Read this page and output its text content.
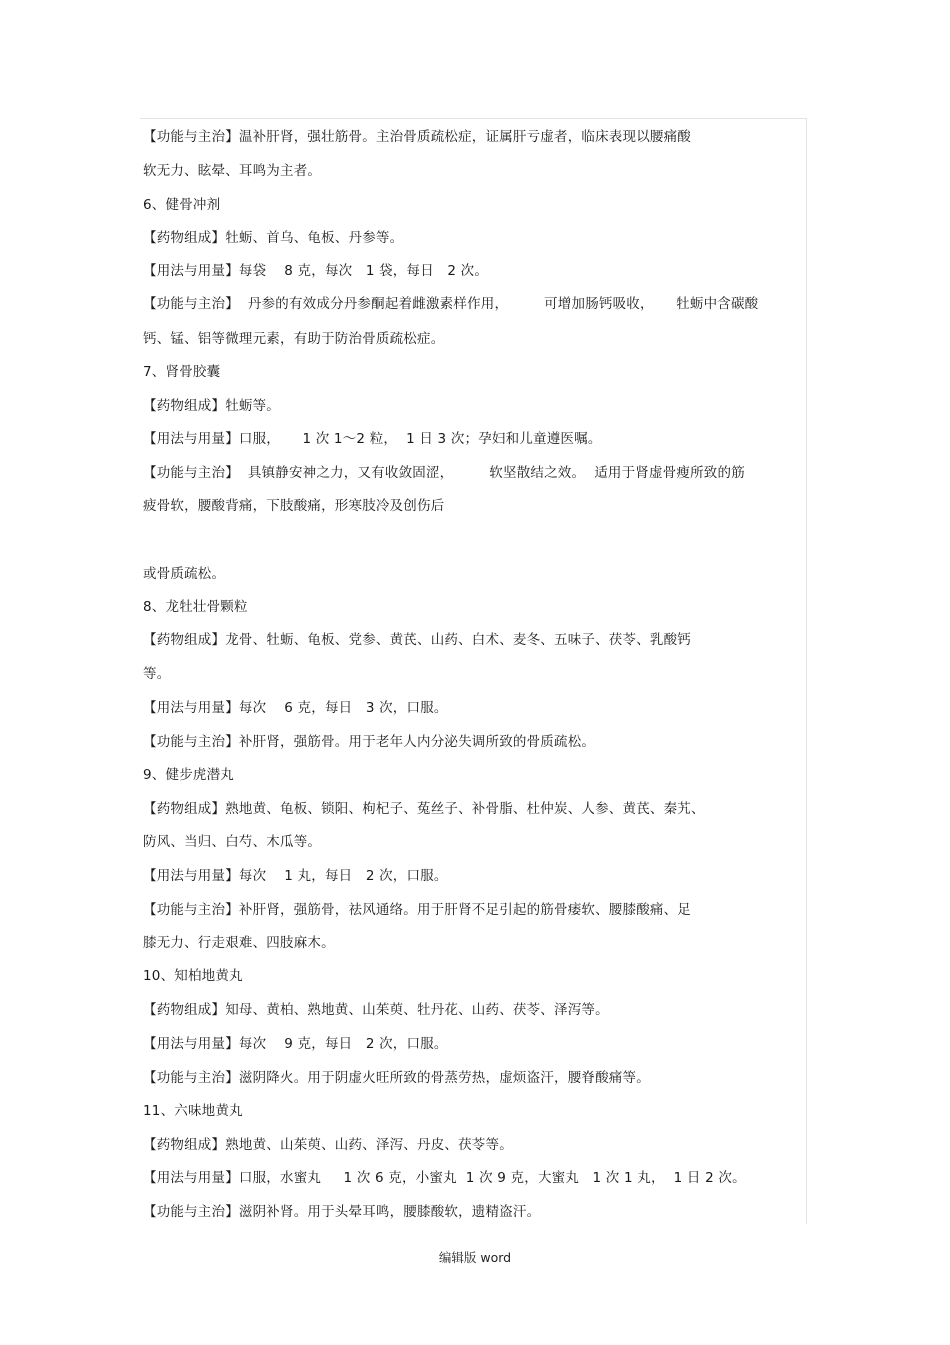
【功能与主治】温补肝肾，强壮筋骨。主治骨质疏松症，证属肝亏虚者，临床表现以腰痛酸
软无力、眩晕、耳鸣为主者。
6、健骨冲剂
【药物组成】牡蛎、首乌、龟板、丹参等。
【用法与用量】每袋    8 克，每次   1 袋，每日   2 次。
【功能与主治】  丹参的有效成分丹参酮起着雌激素样作用，        可增加肠钙吸收，     牡蛎中含碳酸
钙、锰、铝等微理元素，有助于防治骨质疏松症。
7、肾骨胶囊
【药物组成】牡蛎等。
【用法与用量】口服，     1 次 1～2 粒，  1 日 3 次；孕妇和儿童遵医嘱。
【功能与主治】  具镇静安神之力，又有收敛固涩，        软坚散结之效。  适用于肾虚骨瘦所致的筋
疲骨软，腰酸背痛，下肢酸痛，形寒肢冷及创伤后
或骨质疏松。
8、龙牡壮骨颗粒
【药物组成】龙骨、牡蛎、龟板、党参、黄芪、山药、白术、麦冬、五味子、茯苓、乳酸钙
等。
【用法与用量】每次    6 克，每日   3 次，口服。
【功能与主治】补肝肾，强筋骨。用于老年人内分泌失调所致的骨质疏松。
9、健步虎潜丸
【药物组成】熟地黄、龟板、锁阳、枸杞子、菟丝子、补骨脂、杜仲炭、人参、黄芪、秦艽、
防风、当归、白芍、木瓜等。
【用法与用量】每次    1 丸，每日   2 次，口服。
【功能与主治】补肝肾，强筋骨，祛风通络。用于肝肾不足引起的筋骨痿软、腰膝酸痛、足
膝无力、行走艰难、四肢麻木。
10、知柏地黄丸
【药物组成】知母、黄柏、熟地黄、山茱萸、牡丹花、山药、茯苓、泽泻等。
【用法与用量】每次    9 克，每日   2 次，口服。
【功能与主治】滋阴降火。用于阴虚火旺所致的骨蒸劳热，虚烦盗汗，腰脊酸痛等。
11、六味地黄丸
【药物组成】熟地黄、山茱萸、山药、泽泻、丹皮、茯苓等。
【用法与用量】口服，水蜜丸     1 次 6 克，小蜜丸  1 次 9 克，大蜜丸   1 次 1 丸，  1 日 2 次。
【功能与主治】滋阴补肾。用于头晕耳鸣，腰膝酸软，遗精盗汗。
编辑版 word
